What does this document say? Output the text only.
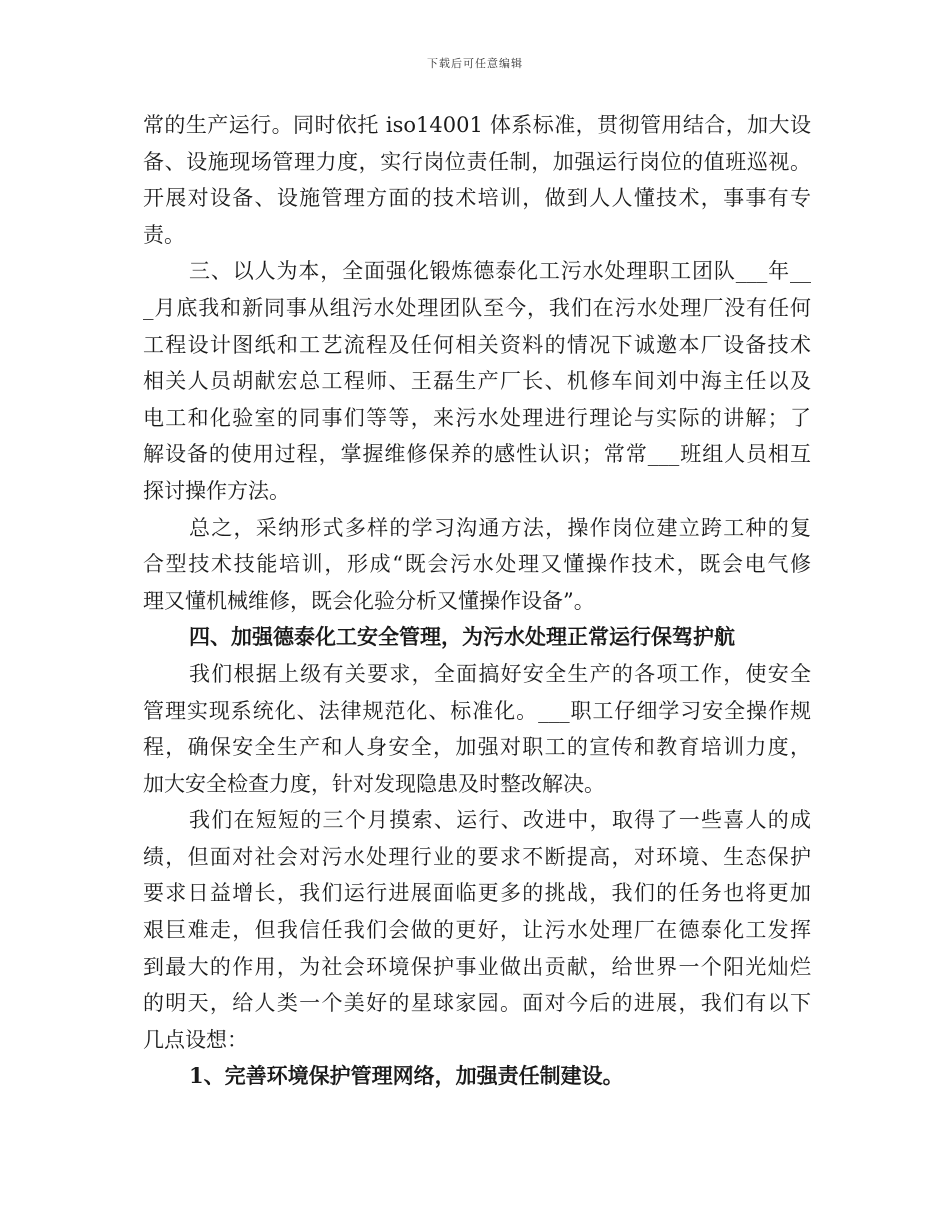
下载后可任意编辑
常的生产运行。同时依托 iso14001 体系标准，贯彻管用结合，加大设
备、设施现场管理力度，实行岗位责任制，加强运行岗位的值班巡视。
开展对设备、设施管理方面的技术培训，做到人人懂技术，事事有专
责。
三、以人为本，全面强化锻炼德泰化工污水处理职工团队___年__
_月底我和新同事从组污水处理团队至今，我们在污水处理厂没有任何
工程设计图纸和工艺流程及任何相关资料的情况下诚邀本厂设备技术
相关人员胡献宏总工程师、王磊生产厂长、机修车间刘中海主任以及
电工和化验室的同事们等等，来污水处理进行理论与实际的讲解；了
解设备的使用过程，掌握维修保养的感性认识；常常___班组人员相互
探讨操作方法。
总之，采纳形式多样的学习沟通方法，操作岗位建立跨工种的复
合型技术技能培训，形成“既会污水处理又懂操作技术，既会电气修
理又懂机械维修，既会化验分析又懂操作设备”。
四、加强德泰化工安全管理，为污水处理正常运行保驾护航
我们根据上级有关要求，全面搞好安全生产的各项工作，使安全
管理实现系统化、法律规范化、标准化。___职工仔细学习安全操作规
程，确保安全生产和人身安全，加强对职工的宣传和教育培训力度，
加大安全检查力度，针对发现隐患及时整改解决。
我们在短短的三个月摸索、运行、改进中，取得了一些喜人的成
绩，但面对社会对污水处理行业的要求不断提高，对环境、生态保护
要求日益增长，我们运行进展面临更多的挑战，我们的任务也将更加
艰巨难走，但我信任我们会做的更好，让污水处理厂在德泰化工发挥
到最大的作用，为社会环境保护事业做出贡献，给世界一个阳光灿烂
的明天，给人类一个美好的星球家园。面对今后的进展，我们有以下
几点设想：
1、完善环境保护管理网络，加强责任制建设。
